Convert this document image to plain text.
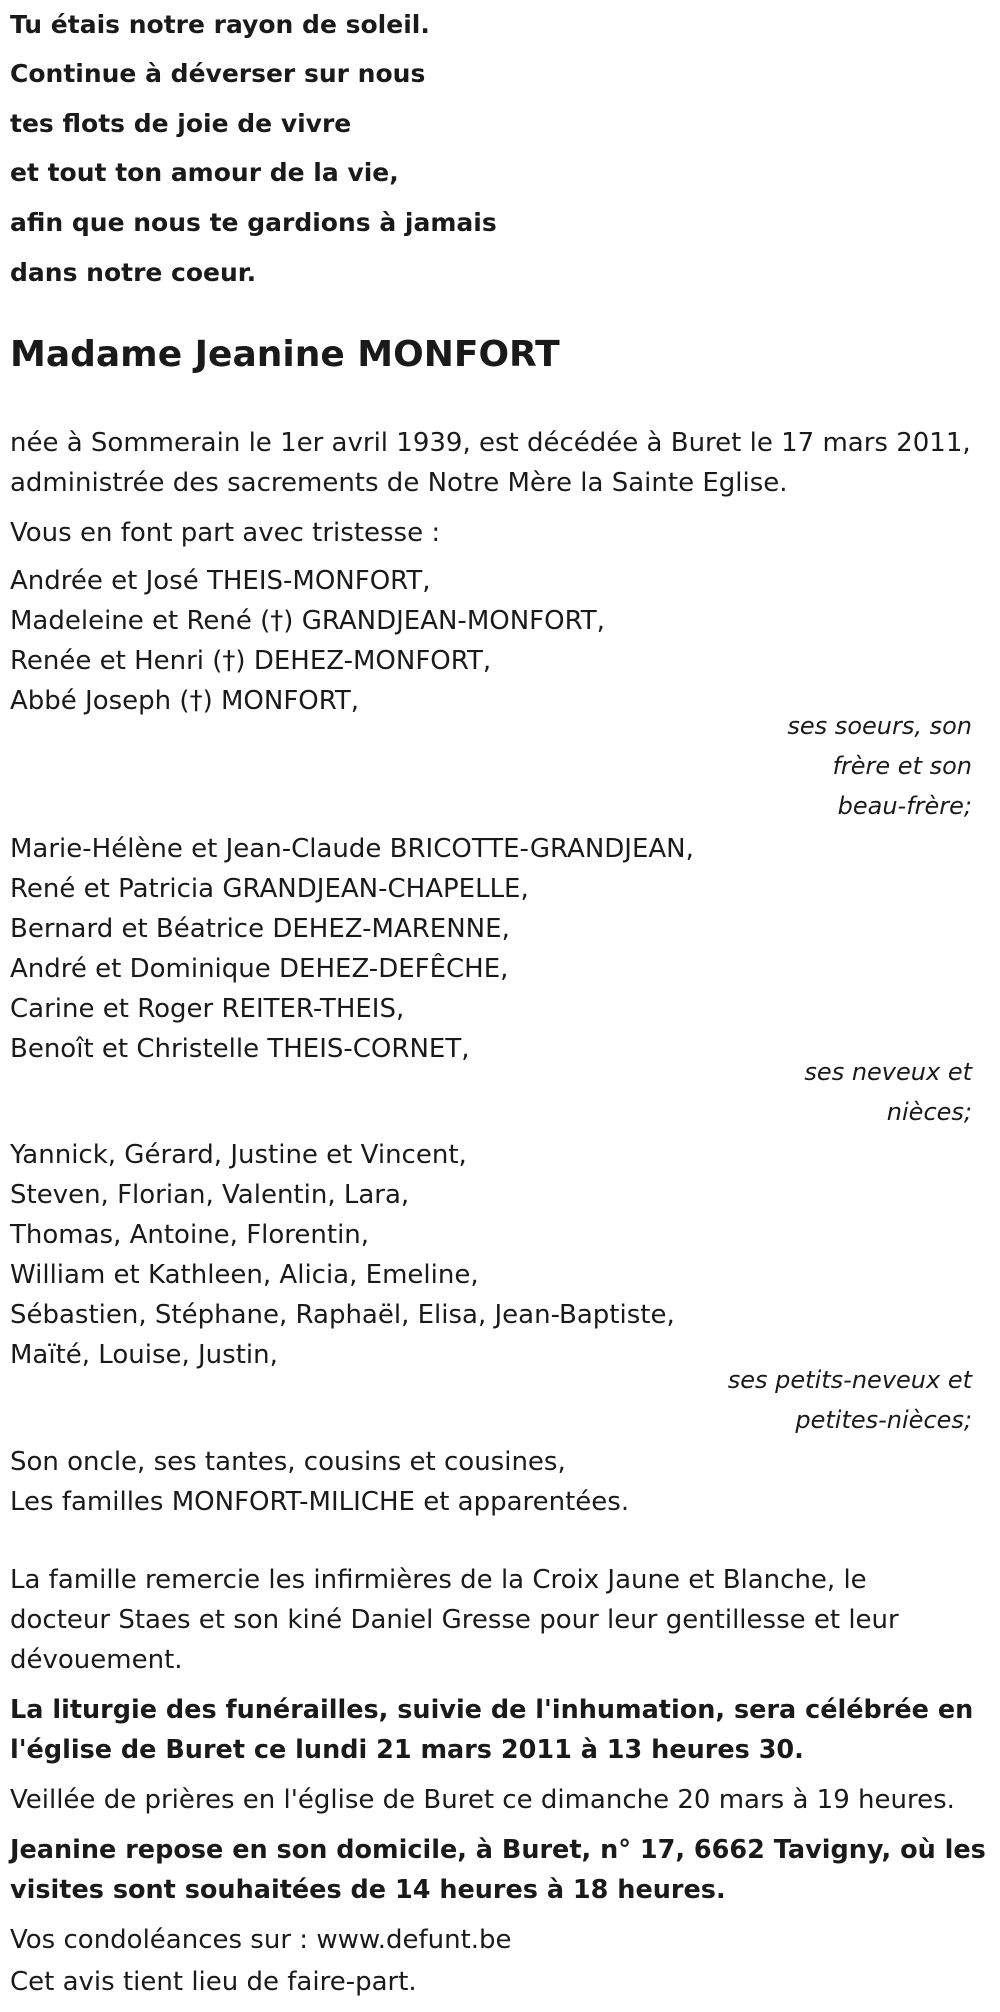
Tu étais notre rayon de soleil.
Continue à déverser sur nous
tes flots de joie de vivre
et tout ton amour de la vie,
afin que nous te gardions à jamais
dans notre coeur.
Madame Jeanine MONFORT
née à Sommerain le 1er avril 1939, est décédée à Buret le 17 mars 2011,
administrée des sacrements de Notre Mère la Sainte Eglise.
Vous en font part avec tristesse :
Andrée et José THEIS-MONFORT,
Madeleine et René (†) GRANDJEAN-MONFORT,
Renée et Henri (†) DEHEZ-MONFORT,
Abbé Joseph (†) MONFORT,
ses soeurs, son
frère et son
beau-frère;
Marie-Hélène et Jean-Claude BRICOTTE-GRANDJEAN,
René et Patricia GRANDJEAN-CHAPELLE,
Bernard et Béatrice DEHEZ-MARENNE,
André et Dominique DEHEZ-DEFÊCHE,
Carine et Roger REITER-THEIS,
Benoît et Christelle THEIS-CORNET,
ses neveux et
nièces;
Yannick, Gérard, Justine et Vincent,
Steven, Florian, Valentin, Lara,
Thomas, Antoine, Florentin,
William et Kathleen, Alicia, Emeline,
Sébastien, Stéphane, Raphaël, Elisa, Jean-Baptiste,
Maïté, Louise, Justin,
ses petits-neveux et
petites-nièces;
Son oncle, ses tantes, cousins et cousines,
Les familles MONFORT-MILICHE et apparentées.
La famille remercie les infirmières de la Croix Jaune et Blanche, le
docteur Staes et son kiné Daniel Gresse pour leur gentillesse et leur
dévouement.
La liturgie des funérailles, suivie de l'inhumation, sera célébrée en
l'église de Buret ce lundi 21 mars 2011 à 13 heures 30.
Veillée de prières en l'église de Buret ce dimanche 20 mars à 19 heures.
Jeanine repose en son domicile, à Buret, n° 17, 6662 Tavigny, où les
visites sont souhaitées de 14 heures à 18 heures.
Vos condoléances sur : www.defunt.be
Cet avis tient lieu de faire-part.
